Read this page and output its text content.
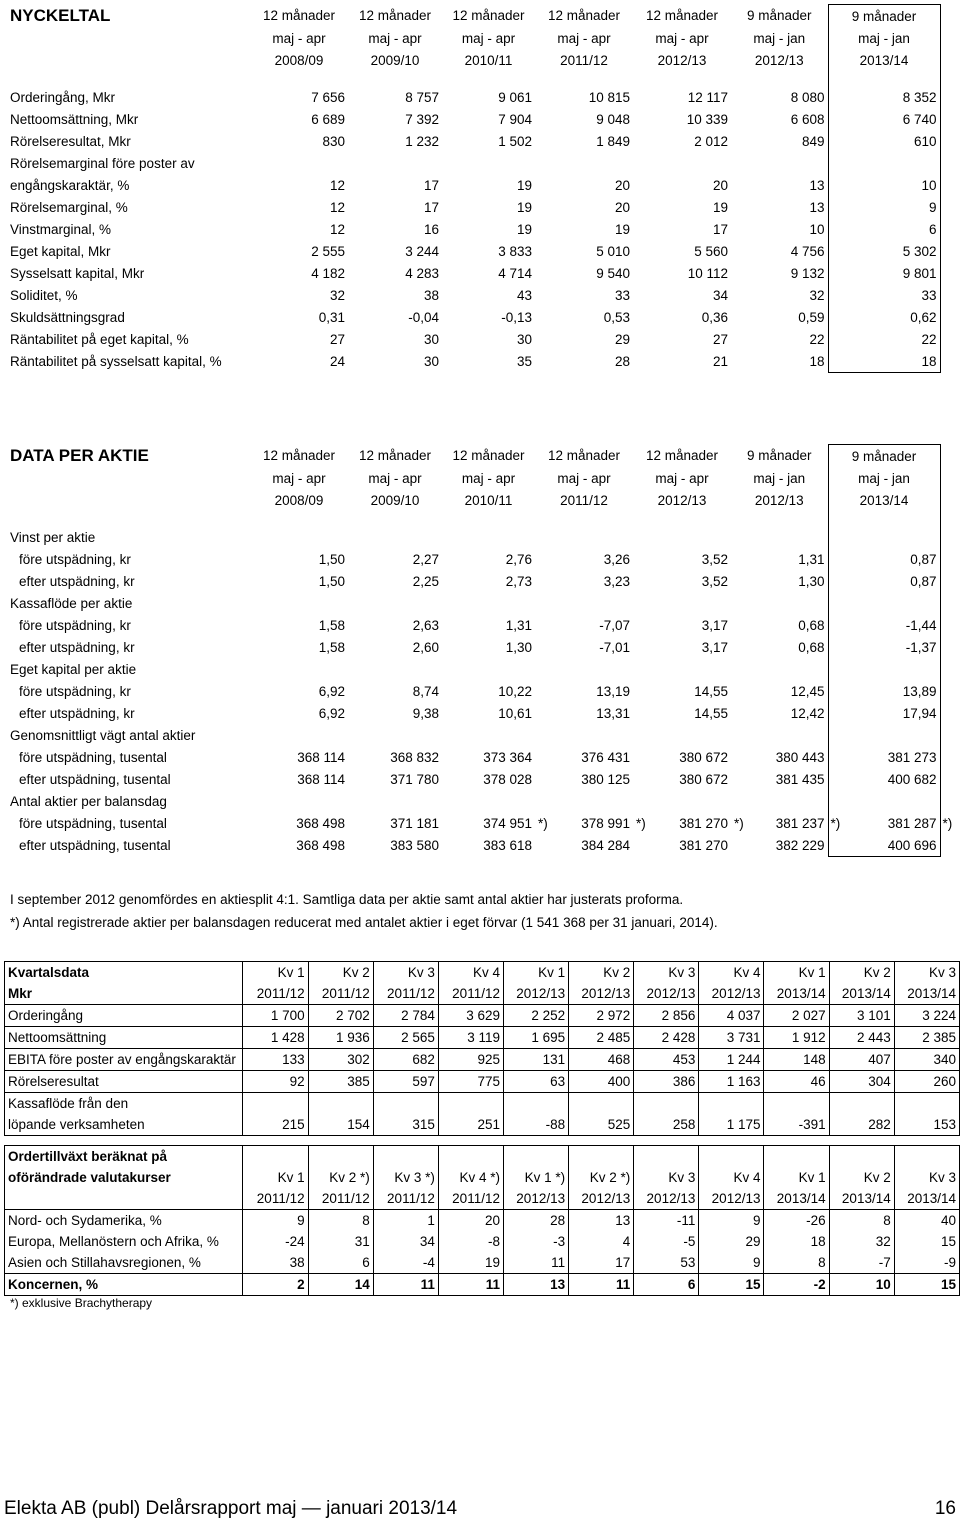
NYCKELTAL	12 månader	12 månader	12 månader	12 månader	12 månader	9 månader	9 månader
	maj - apr	maj - apr	maj - apr	maj - apr	maj - apr	maj - jan	maj - jan
	2008/09	2009/10	2010/11	2011/12	2012/13	2012/13	2013/14

Orderingång, Mkr	7 656	8 757	9 061	10 815	12 117	8 080	8 352
Nettoomsättning, Mkr	6 689	7 392	7 904	9 048	10 339	6 608	6 740
Rörelseresultat, Mkr	830	1 232	1 502	1 849	2 012	849	610
Rörelsemarginal före poster av							
engångskaraktär, %	12	17	19	20	20	13	10
Rörelsemarginal, %	12	17	19	20	19	13	9
Vinstmarginal, %	12	16	19	19	17	10	6
Eget kapital, Mkr	2 555	3 244	3 833	5 010	5 560	4 756	5 302
Sysselsatt kapital, Mkr	4 182	4 283	4 714	9 540	10 112	9 132	9 801
Soliditet, %	32	38	43	33	34	32	33
Skuldsättningsgrad	0,31	-0,04	-0,13	0,53	0,36	0,59	0,62
Räntabilitet på eget kapital, %	27	30	30	29	27	22	22
Räntabilitet på sysselsatt kapital, %	24	30	35	28	21	18	18
DATA PER AKTIE	12 månader	12 månader	12 månader	12 månader	12 månader	9 månader	9 månader
	maj - apr	maj - apr	maj - apr	maj - apr	maj - apr	maj - jan	maj - jan
	2008/09	2009/10	2010/11	2011/12	2012/13	2012/13	2013/14

Vinst per aktie							
före utspädning, kr	1,50	2,27	2,76	3,26	3,52	1,31	0,87
efter utspädning, kr	1,50	2,25	2,73	3,23	3,52	1,30	0,87
Kassaflöde per aktie							
före utspädning, kr	1,58	2,63	1,31	-7,07	3,17	0,68	-1,44
efter utspädning, kr	1,58	2,60	1,30	-7,01	3,17	0,68	-1,37
Eget kapital per aktie							
före utspädning, kr	6,92	8,74	10,22	13,19	14,55	12,45	13,89
efter utspädning, kr	6,92	9,38	10,61	13,31	14,55	12,42	17,94
Genomsnittligt vägt antal aktier							
före utspädning, tusental	368 114	368 832	373 364	376 431	380 672	380 443	381 273
efter utspädning, tusental	368 114	371 780	378 028	380 125	380 672	381 435	400 682
Antal aktier per balansdag							
före utspädning, tusental	368 498	371 181	374 951 *)	378 991 *)	381 270 *)	381 237 *)	381 287 *)

efter utspädning, tusental	368 498	383 580	383 618	384 284	381 270	382 229	400 696
I september 2012 genomfördes en aktiesplit 4:1. Samtliga data per aktie samt antal aktier har justerats proforma.
*) Antal registrerade aktier per balansdagen reducerat med antalet aktier i eget förvar (1 541 368 per 31 januari, 2014).
Kvartalsdata	Kv 1	Kv 2	Kv 3	Kv 4	Kv 1	Kv 2	Kv 3	Kv 4	Kv 1	Kv 2	Kv 3
Mkr	2011/12	2011/12	2011/12	2011/12	2012/13	2012/13	2012/13	2012/13	2013/14	2013/14	2013/14
Orderingång	1 700	2 702	2 784	3 629	2 252	2 972	2 856	4 037	2 027	3 101	3 224
Nettoomsättning	1 428	1 936	2 565	3 119	1 695	2 485	2 428	3 731	1 912	2 443	2 385
EBITA före poster av engångskaraktär	133	302	682	925	131	468	453	1 244	148	407	340
Rörelseresultat	92	385	597	775	63	400	386	1 163	46	304	260
Kassaflöde från den											
löpande verksamheten	215	154	315	251	-88	525	258	1 175	-391	282	153
Ordertillväxt beräknat på											
oförändrade valutakurser	Kv 1	Kv 2 *)	Kv 3 *)	Kv 4 *)	Kv 1 *)	Kv 2 *)	Kv 3	Kv 4	Kv 1	Kv 2	Kv 3
	2011/12	2011/12	2011/12	2011/12	2012/13	2012/13	2012/13	2012/13	2013/14	2013/14	2013/14
Nord- och Sydamerika, %	9	8	1	20	28	13	-11	9	-26	8	40
Europa, Mellanöstern och Afrika, %	-24	31	34	-8	-3	4	-5	29	18	32	15
Asien och Stillahavsregionen, %	38	6	-4	19	11	17	53	9	8	-7	-9
Koncernen, %	2	14	11	11	13	11	6	15	-2	10	15
*) exklusive Brachytherapy
Elekta AB (publ) Delårsrapport maj — januari 2013/14	16
